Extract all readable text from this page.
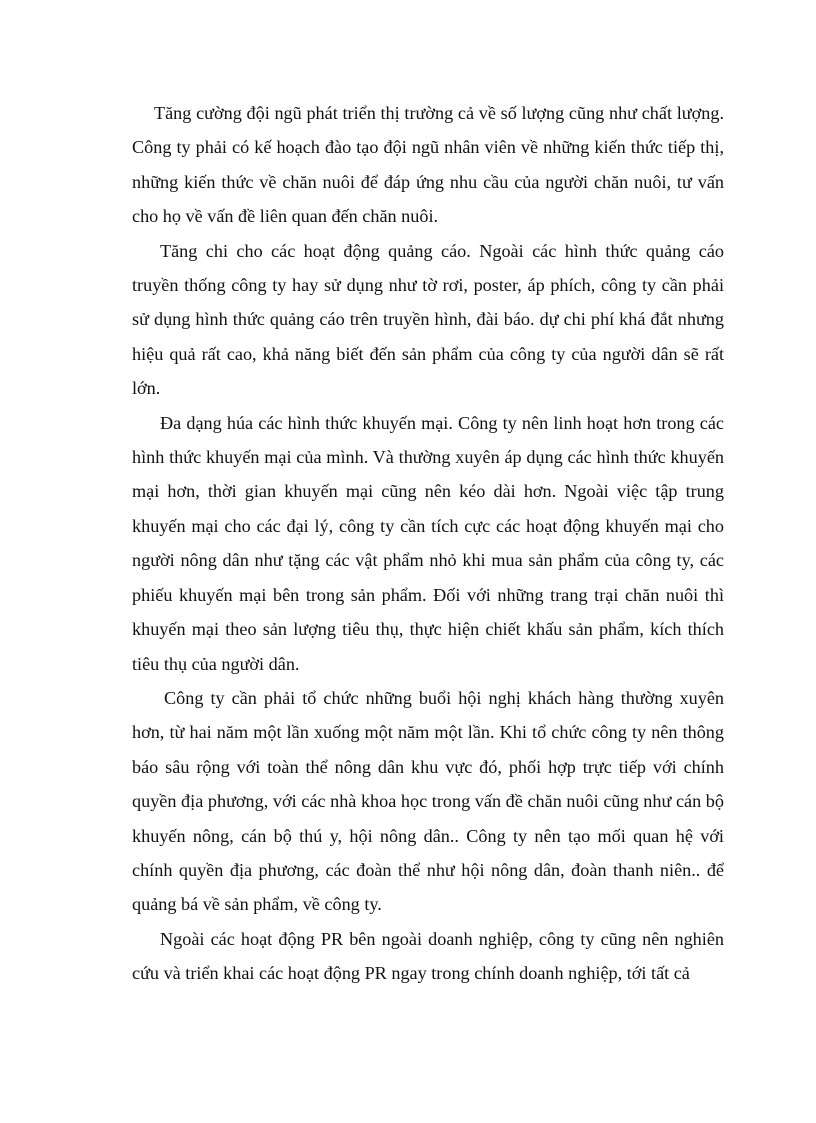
Tăng cường đội ngũ phát triển thị trường cả về số lượng cũng như chất lượng. Công ty phải có kế hoạch đào tạo đội ngũ nhân viên về những kiến thức tiếp thị, những kiến thức về chăn nuôi để đáp ứng nhu cầu của người chăn nuôi, tư vấn cho họ về vấn đề liên quan đến chăn nuôi.

Tăng chi cho các hoạt động quảng cáo. Ngoài các hình thức quảng cáo truyền thống công ty hay sử dụng như tờ rơi, poster, áp phích, công ty cần phải sử dụng hình thức quảng cáo trên truyền hình, đài báo. dự chi phí khá đắt nhưng hiệu quả rất cao, khả năng biết đến sản phẩm của công ty của người dân sẽ rất lớn.

Đa dạng húa các hình thức khuyến mại. Công ty nên linh hoạt hơn trong các hình thức khuyến mại của mình. Và thường xuyên áp dụng các hình thức khuyến mại hơn, thời gian khuyến mại cũng nên kéo dài hơn. Ngoài việc tập trung khuyến mại cho các đại lý, công ty cần tích cực các hoạt động khuyến mại cho người nông dân như tặng các vật phẩm nhỏ khi mua sản phẩm của công ty, các phiếu khuyến mại bên trong sản phẩm. Đối với những trang trại chăn nuôi thì khuyến mại theo sản lượng tiêu thụ, thực hiện chiết khấu sản phẩm, kích thích tiêu thụ của người dân.

Công ty cần phải tổ chức những buổi hội nghị khách hàng thường xuyên hơn, từ hai năm một lần xuống một năm một lần. Khi tổ chức công ty nên thông báo sâu rộng với toàn thể nông dân khu vực đó, phối hợp trực tiếp với chính quyền địa phương, với các nhà khoa học trong vấn đề chăn nuôi cũng như cán bộ khuyến nông, cán bộ thú y, hội nông dân.. Công ty nên tạo mối quan hệ với chính quyền địa phương, các đoàn thể như hội nông dân, đoàn thanh niên.. để quảng bá về sản phẩm, về công ty.

Ngoài các hoạt động PR bên ngoài doanh nghiệp, công ty cũng nên nghiên cứu và triển khai các hoạt động PR ngay trong chính doanh nghiệp, tới tất cả
